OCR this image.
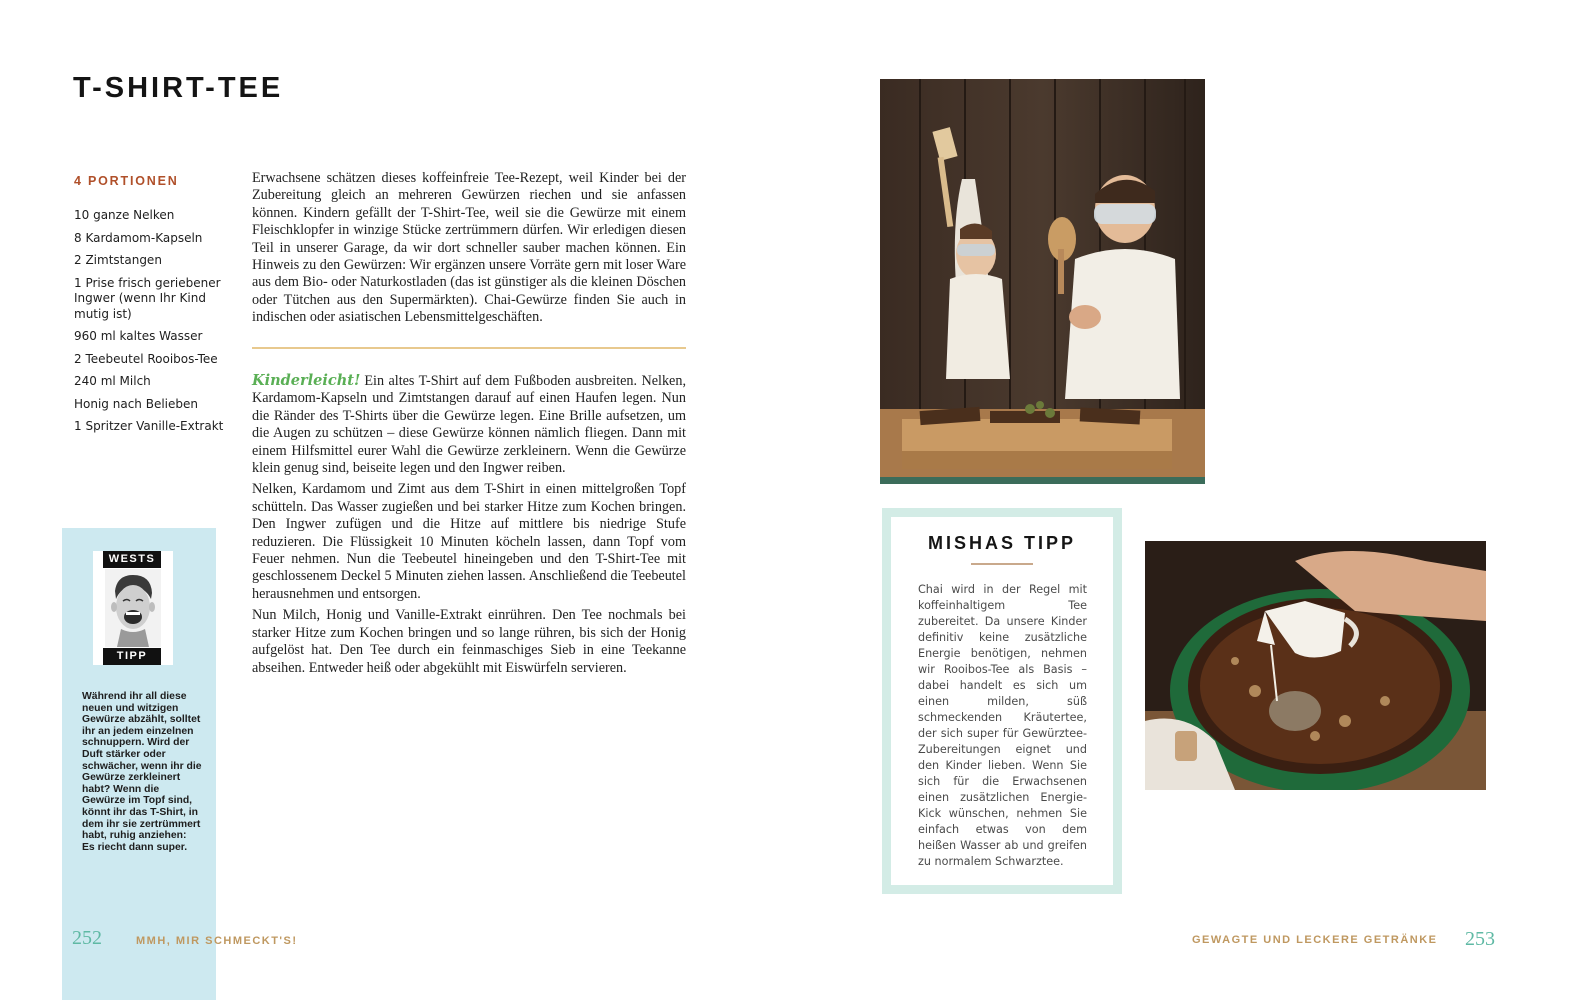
T-SHIRT-TEE
4 PORTIONEN
10 ganze Nelken
8 Kardamom-Kapseln
2 Zimtstangen
1 Prise frisch geriebener Ingwer (wenn Ihr Kind mutig ist)
960 ml kaltes Wasser
2 Teebeutel Rooibos-Tee
240 ml Milch
Honig nach Belieben
1 Spritzer Vanille-Extrakt

Erwachsene schätzen dieses koffeinfreie Tee-Rezept, weil Kinder bei der Zubereitung gleich an mehreren Gewürzen riechen und sie anfassen können. Kindern gefällt der T-Shirt-Tee, weil sie die Gewürze mit einem Fleischklopfer in winzige Stücke zertrümmern dürfen. Wir erledigen diesen Teil in unserer Garage, da wir dort schneller sauber machen können. Ein Hinweis zu den Gewürzen: Wir ergänzen unsere Vorräte gern mit loser Ware aus dem Bio- oder Naturkostladen (das ist günstiger als die kleinen Döschen oder Tütchen aus den Supermärkten). Chai-Gewürze finden Sie auch in indischen oder asiatischen Lebensmittelgeschäften.

Kinderleicht! Ein altes T-Shirt auf dem Fußboden ausbreiten. Nelken, Kardamom-Kapseln und Zimtstangen darauf auf einen Haufen legen. Nun die Ränder des T-Shirts über die Gewürze legen. Eine Brille aufsetzen, um die Augen zu schützen – diese Gewürze können nämlich fliegen. Dann mit einem Hilfsmittel eurer Wahl die Gewürze zerkleinern. Wenn die Gewürze klein genug sind, beiseite legen und den Ingwer reiben.

Nelken, Kardamom und Zimt aus dem T-Shirt in einen mittelgroßen Topf schütteln. Das Wasser zugießen und bei starker Hitze zum Kochen bringen. Den Ingwer zufügen und die Hitze auf mittlere bis niedrige Stufe reduzieren. Die Flüssigkeit 10 Minuten köcheln lassen, dann Topf vom Feuer nehmen. Nun die Teebeutel hineingeben und den T-Shirt-Tee mit geschlossenem Deckel 5 Minuten ziehen lassen. Anschließend die Teebeutel herausnehmen und entsorgen.

Nun Milch, Honig und Vanille-Extrakt einrühren. Den Tee nochmals bei starker Hitze zum Kochen bringen und so lange rühren, bis sich der Honig aufgelöst hat. Den Tee durch ein feinmaschiges Sieb in eine Teekanne abseihen. Entweder heiß oder abgekühlt mit Eiswürfeln servieren.

WESTS
TIPP

Während ihr all diese neuen und witzigen Gewürze abzählt, solltet ihr an jedem einzelnen schnuppern. Wird der Duft stärker oder schwächer, wenn ihr die Gewürze zerkleinert habt? Wenn die Gewürze im Topf sind, könnt ihr das T-Shirt, in dem ihr sie zertrümmert habt, ruhig anziehen: Es riecht dann super.

252	MMH, MIR SCHMECKT'S!
MISHAS TIPP

Chai wird in der Regel mit koffeinhaltigem Tee zubereitet. Da unsere Kinder definitiv keine zusätzliche Energie benötigen, nehmen wir Rooibos-Tee als Basis – dabei handelt es sich um einen milden, süß schmeckenden Kräutertee, der sich super für Gewürztee-Zubereitungen eignet und den Kinder lieben. Wenn Sie sich für die Erwachsenen einen zusätzlichen Energie-Kick wünschen, nehmen Sie einfach etwas von dem heißen Wasser ab und greifen zu normalem Schwarztee.

GEWAGTE UND LECKERE GETRÄNKE 253
